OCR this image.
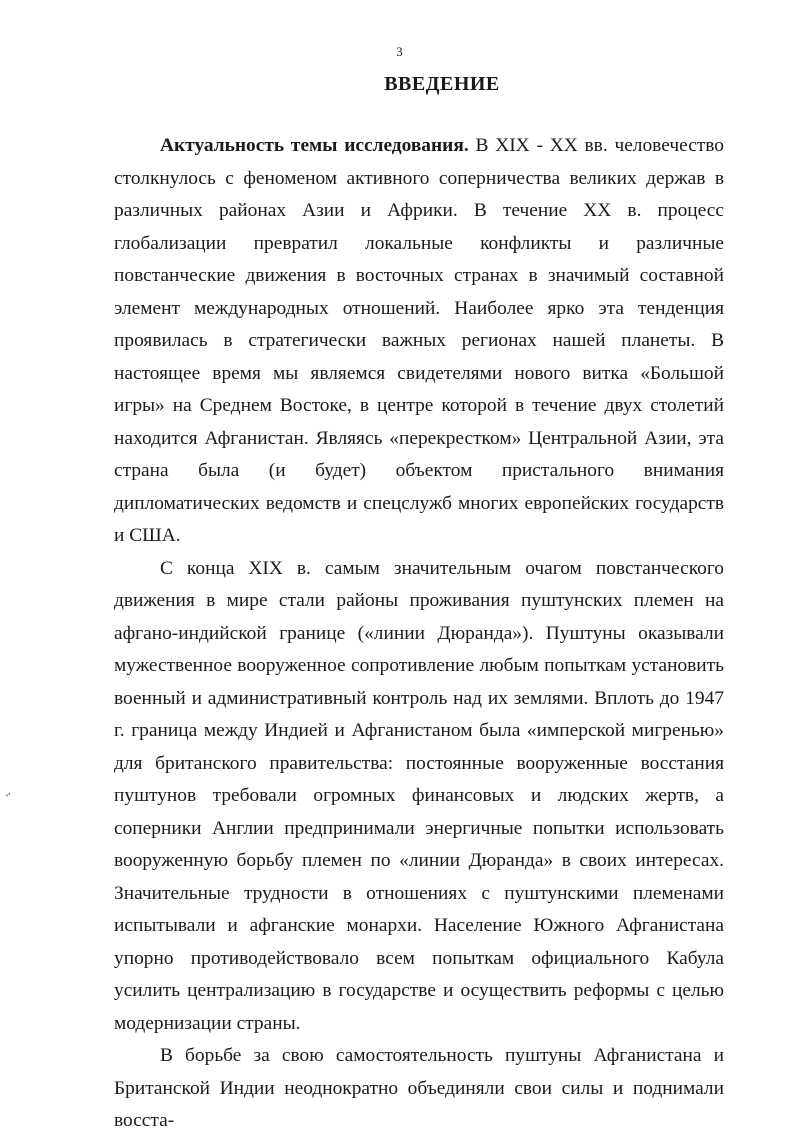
3
ВВЕДЕНИЕ

Актуальность темы исследования. В XIX - XX вв. человечество столкнулось с феноменом активного соперничества великих держав в различных районах Азии и Африки. В течение XX в. процесс глобализации превратил локальные конфликты и различные повстанческие движения в восточных странах в значимый составной элемент международных отношений. Наиболее ярко эта тенденция проявилась в стратегически важных регионах нашей планеты. В настоящее время мы являемся свидетелями нового витка «Большой игры» на Среднем Востоке, в центре которой в течение двух столетий находится Афганистан. Являясь «перекрестком» Центральной Азии, эта страна была (и будет) объектом пристального внимания дипломатических ведомств и спецслужб многих европейских государств и США.

С конца XIX в. самым значительным очагом повстанческого движения в мире стали районы проживания пуштунских племен на афгано-индийской границе («линии Дюранда»). Пуштуны оказывали мужественное вооруженное сопротивление любым попыткам установить военный и административный контроль над их землями. Вплоть до 1947 г. граница между Индией и Афганистаном была «имперской мигренью» для британского правительства: постоянные вооруженные восстания пуштунов требовали огромных финансовых и людских жертв, а соперники Англии предпринимали энергичные попытки использовать вооруженную борьбу племен по «линии Дюранда» в своих интересах. Значительные трудности в отношениях с пуштунскими племенами испытывали и афганские монархи. Население Южного Афганистана упорно противодействовало всем попыткам официального Кабула усилить централизацию в государстве и осуществить реформы с целью модернизации страны.

В борьбе за свою самостоятельность пуштуны Афганистана и Британской Индии неоднократно объединяли свои силы и поднимали восста-

,,
